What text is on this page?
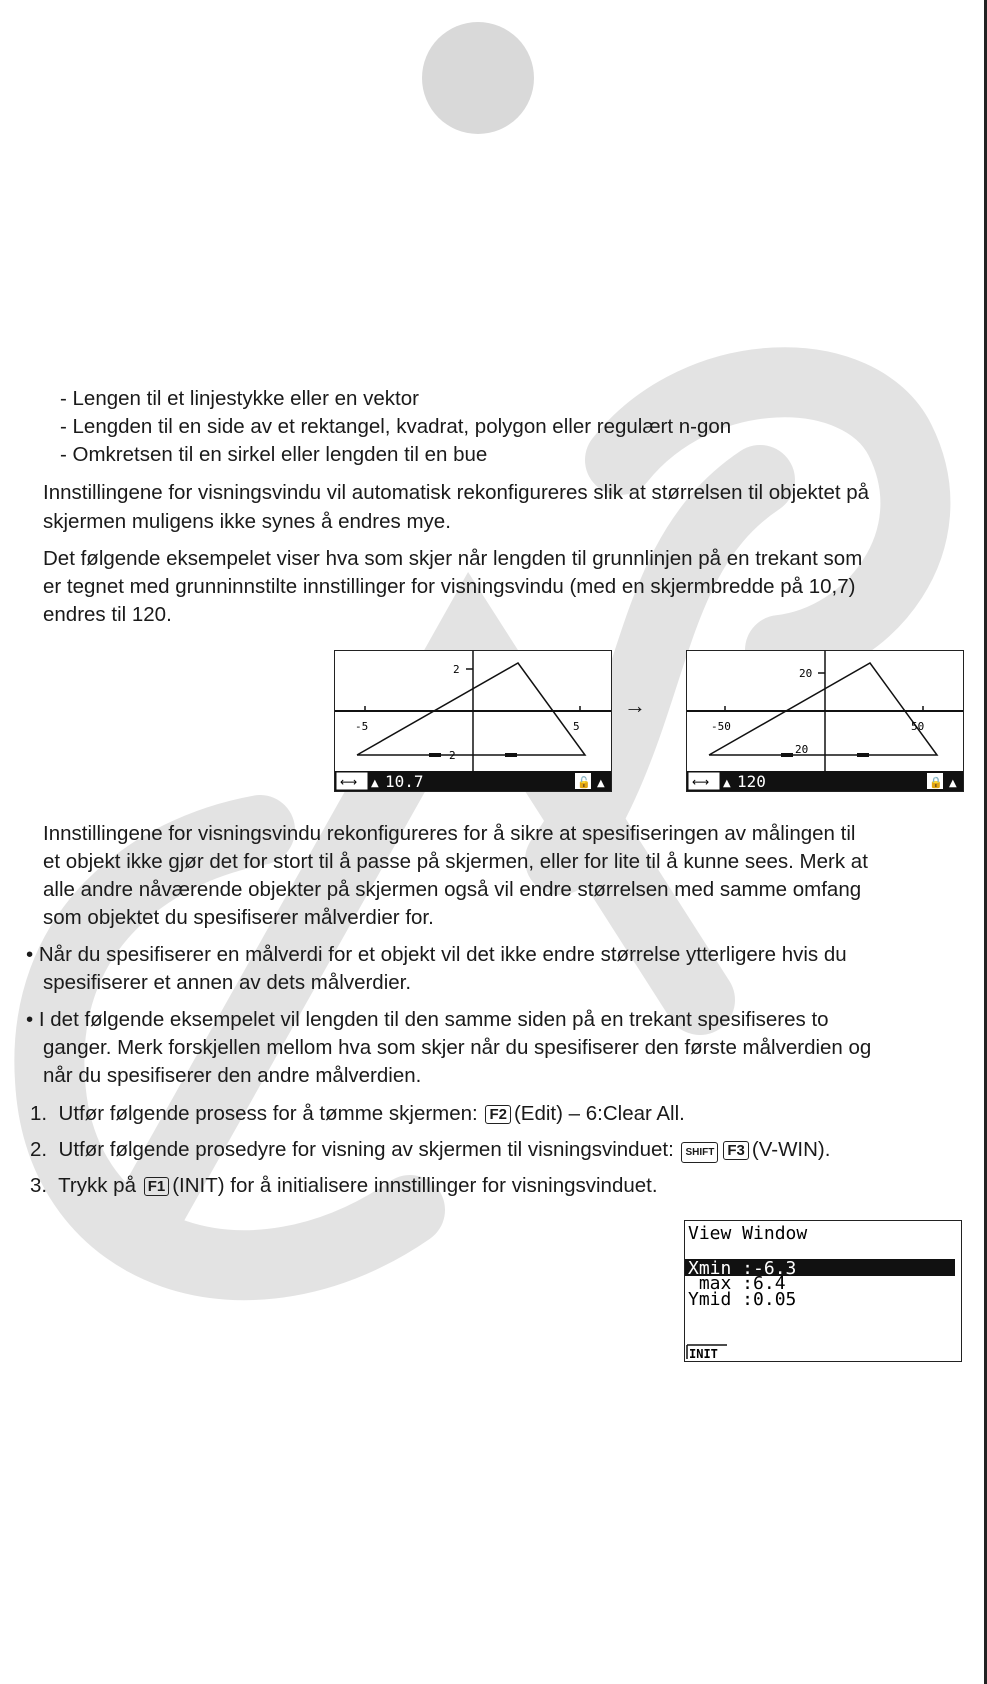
- Lengen til et linjestykke eller en vektor
- Lengden til en side av et rektangel, kvadrat, polygon eller regulært n-gon
- Omkretsen til en sirkel eller lengden til en bue
Innstillingene for visningsvindu vil automatisk rekonfigureres slik at størrelsen til objektet på
skjermen muligens ikke synes å endres mye.
Det følgende eksempelet viser hva som skjer når lengden til grunnlinjen på en trekant som
er tegnet med grunninnstilte innstillinger for visningsvindu (med en skjermbredde på 10,7)
endres til 120.
2
-5	5
2
⟷ ▲ 10.7	🔓 ▲
→
20
-50	50
20
⟷ ▲ 120	🔒 ▲
Innstillingene for visningsvindu rekonfigureres for å sikre at spesifiseringen av målingen til
et objekt ikke gjør det for stort til å passe på skjermen, eller for lite til å kunne sees. Merk at
alle andre nåværende objekter på skjermen også vil endre størrelsen med samme omfang
som objektet du spesifiserer målverdier for.
• Når du spesifiserer en målverdi for et objekt vil det ikke endre størrelse ytterligere hvis du
spesifiserer et annen av dets målverdier.
• I det følgende eksempelet vil lengden til den samme siden på en trekant spesifiseres to
ganger. Merk forskjellen mellom hva som skjer når du spesifiserer den første målverdien og
når du spesifiserer den andre målverdien.
1. Utfør følgende prosess for å tømme skjermen: F2 (Edit) – 6:Clear All.
2. Utfør følgende prosedyre for visning av skjermen til visningsvinduet: SHIFT F3 (V-WIN).
3. Trykk på F1 (INIT) for å initialisere innstillinger for visningsvinduet.
View Window
Xmin :-6.3
max :6.4
Ymid :0.05
INIT
